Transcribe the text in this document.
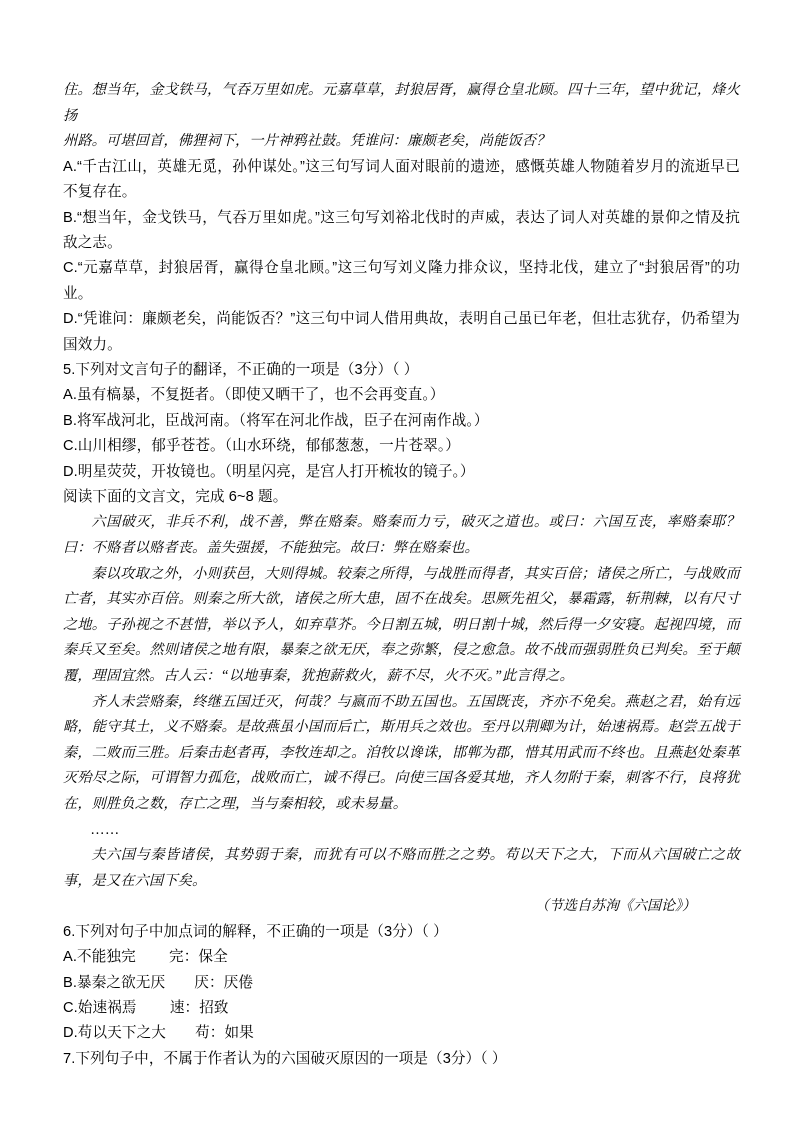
住。想当年，金戈铁马，气吞万里如虎。元嘉草草，封狼居胥，赢得仓皇北顾。四十三年，望中犹记，烽火扬

州路。可堪回首，佛狸祠下，一片神鸦社鼓。凭谁问：廉颇老矣，尚能饭否？

A.“千古江山，英雄无觅，孙仲谋处。”这三句写词人面对眼前的遗迹，感慨英雄人物随着岁月的流逝早已不复存在。

B.“想当年，金戈铁马，气吞万里如虎。”这三句写刘裕北伐时的声威，表达了词人对英雄的景仰之情及抗敌之志。

C.“元嘉草草，封狼居胥，赢得仓皇北顾。”这三句写刘义隆力排众议，坚持北伐，建立了“封狼居胥”的功业。

D.“凭谁问：廉颇老矣，尚能饭否？”这三句中词人借用典故，表明自己虽已年老，但壮志犹存，仍希望为国效力。

5.下列对文言句子的翻译，不正确的一项是（3分）（ ）

A.虽有槁暴，不复挺者。（即使又晒干了，也不会再变直。）

B.将军战河北，臣战河南。（将军在河北作战，臣子在河南作战。）

C.山川相缪，郁乎苍苍。（山水环绕，郁郁葱葱，一片苍翠。）

D.明星荧荧，开妆镜也。（明星闪亮，是宫人打开梳妆的镜子。）

阅读下面的文言文，完成 6~8 题。

六国破灭，非兵不利，战不善，弊在赂秦。赂秦而力亏，破灭之道也。或曰：六国互丧，率赂秦耶？曰：不赂者以赂者丧。盖失强援，不能独完。故曰：弊在赂秦也。

秦以攻取之外，小则获邑，大则得城。较秦之所得，与战胜而得者，其实百倍；诸侯之所亡，与战败而亡者，其实亦百倍。则秦之所大欲，诸侯之所大患，固不在战矣。思厥先祖父，暴霜露，斩荆棘，以有尺寸之地。子孙视之不甚惜，举以予人，如弃草芥。今日割五城，明日割十城，然后得一夕安寝。起视四境，而秦兵又至矣。然则诸侯之地有限，暴秦之欲无厌，奉之弥繁，侵之愈急。故不战而强弱胜负已判矣。至于颠覆，理固宜然。古人云：“以地事秦，犹抱薪救火，薪不尽，火不灭。”此言得之。

齐人未尝赂秦，终继五国迁灭，何哉？与嬴而不助五国也。五国既丧，齐亦不免矣。燕赵之君，始有远略，能守其土，义不赂秦。是故燕虽小国而后亡，斯用兵之效也。至丹以荆卿为计，始速祸焉。赵尝五战于秦，二败而三胜。后秦击赵者再，李牧连却之。洎牧以谗诛，邯郸为郡，惜其用武而不终也。且燕赵处秦革灭殆尽之际，可谓智力孤危，战败而亡，诚不得已。向使三国各爱其地，齐人勿附于秦，刺客不行，良将犹在，则胜负之数，存亡之理，当与秦相较，或未易量。

……

夫六国与秦皆诸侯，其势弱于秦，而犹有可以不赂而胜之之势。苟以天下之大，下而从六国破亡之故事，是又在六国下矣。

（节选自苏洵《六国论》）

6.下列对句子中加点词的解释，不正确的一项是（3分）（ ）

A.不能独完 完：保全

B.暴秦之欲无厌 厌：厌倦

C.始速祸焉 速：招致

D.苟以天下之大 苟：如果

7.下列句子中，不属于作者认为的六国破灭原因的一项是（3分）（ ）
